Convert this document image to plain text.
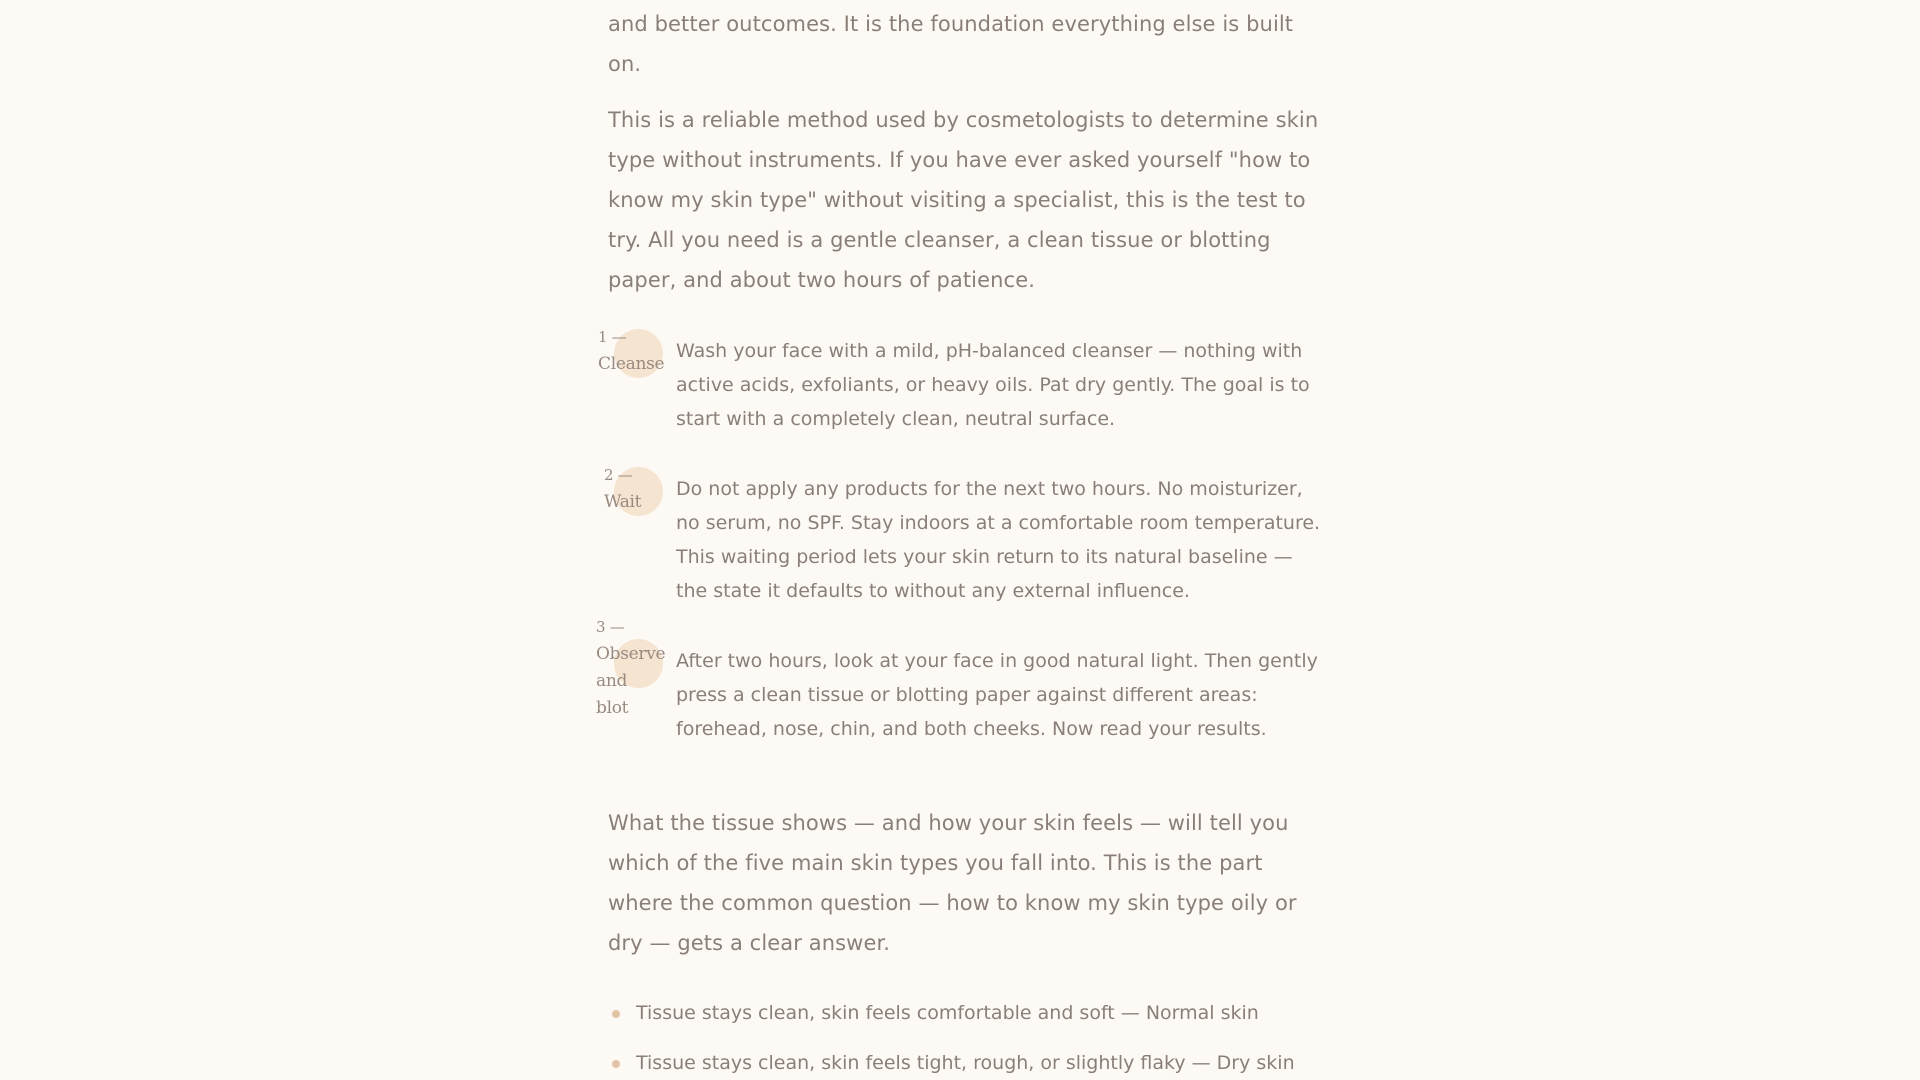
and better outcomes. It is the foundation everything else is built on.

This is a reliable method used by cosmetologists to determine skin type without instruments. If you have ever asked yourself "how to know my skin type" without visiting a specialist, this is the test to try. All you need is a gentle cleanser, a clean tissue or blotting paper, and about two hours of patience.

1 —
Cleanse

Wash your face with a mild, pH-balanced cleanser — nothing with active acids, exfoliants, or heavy oils. Pat dry gently. The goal is to start with a completely clean, neutral surface.

2 —
Wait

Do not apply any products for the next two hours. No moisturizer, no serum, no SPF. Stay indoors at a comfortable room temperature. This waiting period lets your skin return to its natural baseline — the state it defaults to without any external influence.

3 —
Observe and blot

After two hours, look at your face in good natural light. Then gently press a clean tissue or blotting paper against different areas: forehead, nose, chin, and both cheeks. Now read your results.

What the tissue shows — and how your skin feels — will tell you which of the five main skin types you fall into. This is the part where the common question — how to know my skin type oily or dry — gets a clear answer.

Tissue stays clean, skin feels comfortable and soft — Normal skin
Tissue stays clean, skin feels tight, rough, or slightly flaky — Dry skin
